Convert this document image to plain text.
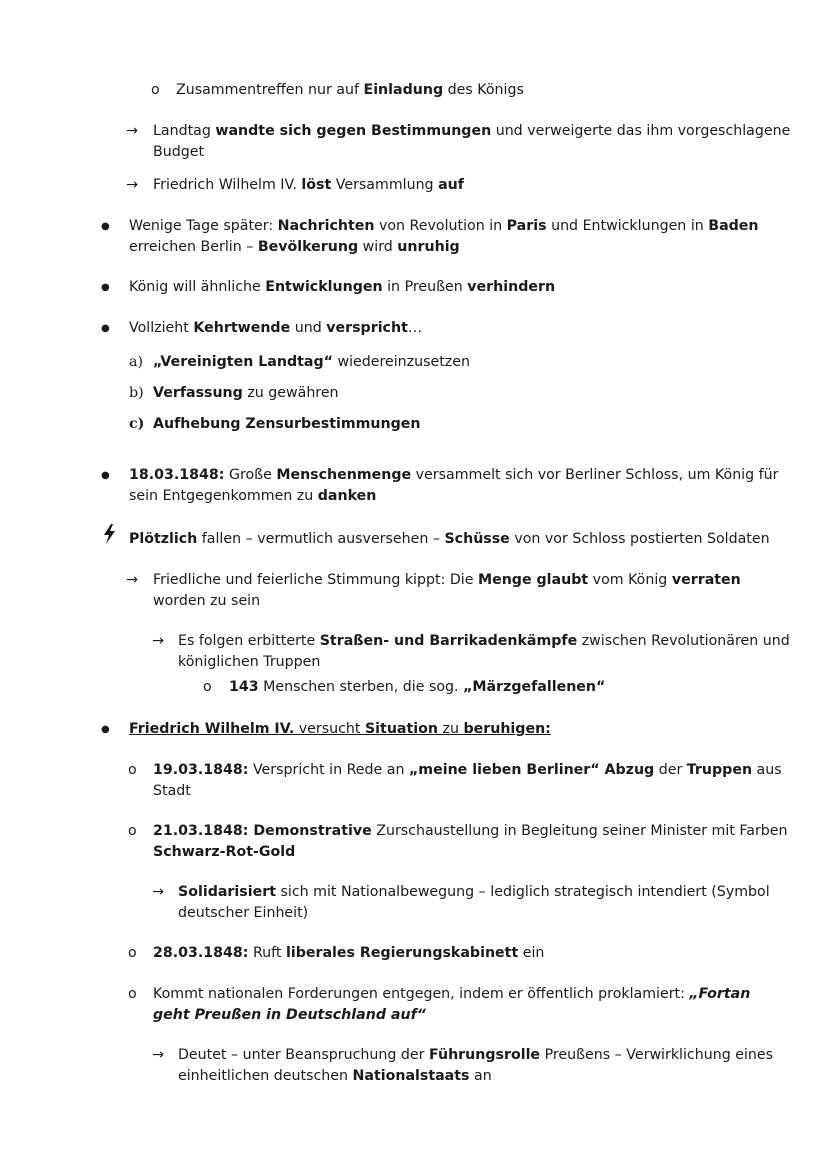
o Zusammentreffen nur auf Einladung des Königs
→ Landtag wandte sich gegen Bestimmungen und verweigerte das ihm vorgeschlagene
Budget
→ Friedrich Wilhelm IV. löst Versammlung auf
● Wenige Tage später: Nachrichten von Revolution in Paris und Entwicklungen in Baden
erreichen Berlin – Bevölkerung wird unruhig
● König will ähnliche Entwicklungen in Preußen verhindern
● Vollzieht Kehrtwende und verspricht…
a) „Vereinigten Landtag“ wiedereinzusetzen
b) Verfassung zu gewähren
c) Aufhebung Zensurbestimmungen
● 18.03.1848: Große Menschenmenge versammelt sich vor Berliner Schloss, um König für
sein Entgegenkommen zu danken
Plötzlich fallen – vermutlich ausversehen – Schüsse von vor Schloss postierten Soldaten
→ Friedliche und feierliche Stimmung kippt: Die Menge glaubt vom König verraten
worden zu sein
→ Es folgen erbitterte Straßen- und Barrikadenkämpfe zwischen Revolutionären und
königlichen Truppen
o 143 Menschen sterben, die sog. „Märzgefallenen“
● Friedrich Wilhelm IV. versucht Situation zu beruhigen:
o 19.03.1848: Verspricht in Rede an „meine lieben Berliner“ Abzug der Truppen aus
Stadt
o 21.03.1848: Demonstrative Zurschaustellung in Begleitung seiner Minister mit Farben
Schwarz-Rot-Gold
→ Solidarisiert sich mit Nationalbewegung – lediglich strategisch intendiert (Symbol
deutscher Einheit)
o 28.03.1848: Ruft liberales Regierungskabinett ein
o Kommt nationalen Forderungen entgegen, indem er öffentlich proklamiert: „Fortan
geht Preußen in Deutschland auf“
→ Deutet – unter Beanspruchung der Führungsrolle Preußens – Verwirklichung eines
einheitlichen deutschen Nationalstaats an
